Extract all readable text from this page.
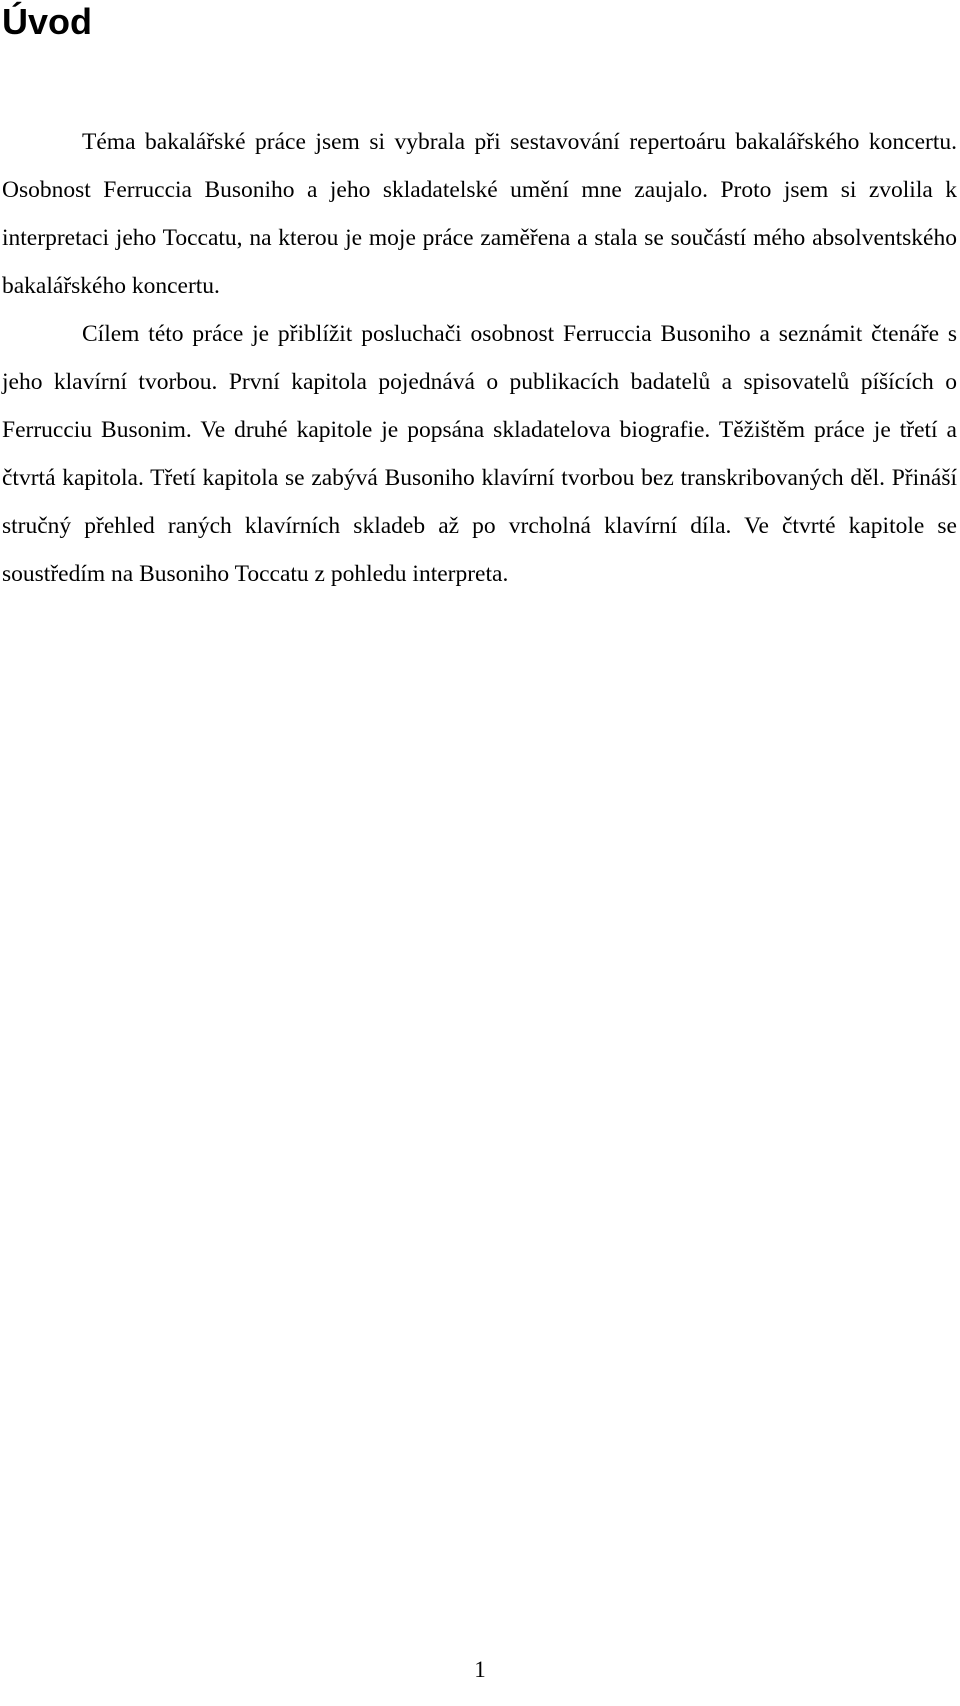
Úvod

Téma bakalářské práce jsem si vybrala při sestavování repertoáru bakalářského koncertu. Osobnost Ferruccia Busoniho a jeho skladatelské umění mne zaujalo. Proto jsem si zvolila k interpretaci jeho Toccatu, na kterou je moje práce zaměřena a stala se součástí mého absolventského bakalářského koncertu.

Cílem této práce je přiblížit posluchači osobnost Ferruccia Busoniho a seznámit čtenáře s jeho klavírní tvorbou. První kapitola pojednává o publikacích badatelů a spisovatelů píšících o Ferrucciu Busonim. Ve druhé kapitole je popsána skladatelova biografie. Těžištěm práce je třetí a čtvrtá kapitola. Třetí kapitola se zabývá Busoniho klavírní tvorbou bez transkribovaných děl. Přináší stručný přehled raných klavírních skladeb až po vrcholná klavírní díla. Ve čtvrté kapitole se soustředím na Busoniho Toccatu z pohledu interpreta.

1
